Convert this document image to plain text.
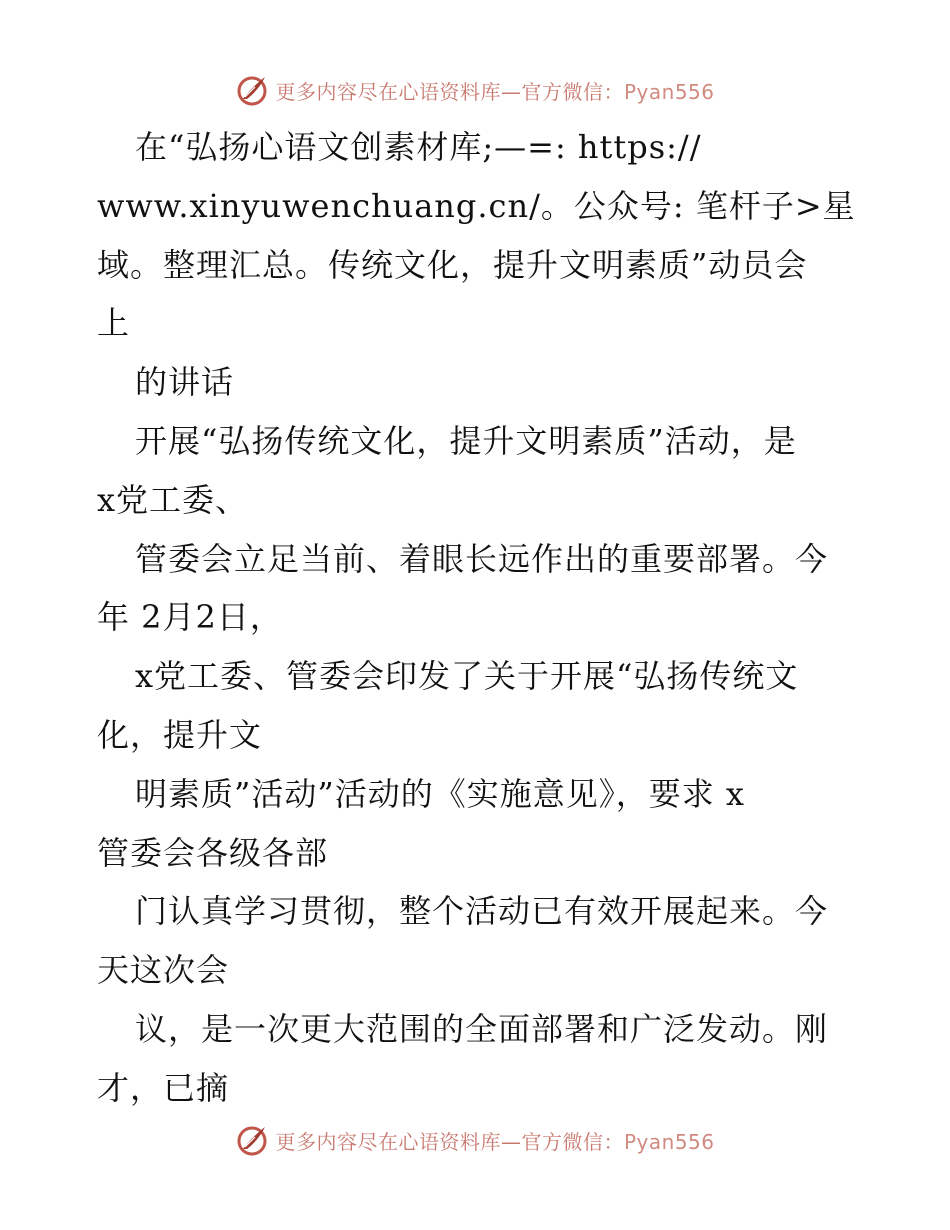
更多内容尽在心语资料库—官方微信：Pyan556
在“弘扬心语文创素材库;—=: https://
www.xinyuwenchuang.cn/。公众号: 笔杆子>星
域。整理汇总。传统文化，提升文明素质”动员会
上
的讲话
开展“弘扬传统文化，提升文明素质”活动，是
x党工委、
管委会立足当前、着眼长远作出的重要部署。今
年 2月2日，
x党工委、管委会印发了关于开展“弘扬传统文
化，提升文
明素质”活动”活动的《实施意见》，要求 x
管委会各级各部
门认真学习贯彻，整个活动已有效开展起来。今
天这次会
议，是一次更大范围的全面部署和广泛发动。刚
才，已摘
更多内容尽在心语资料库—官方微信：Pyan556
